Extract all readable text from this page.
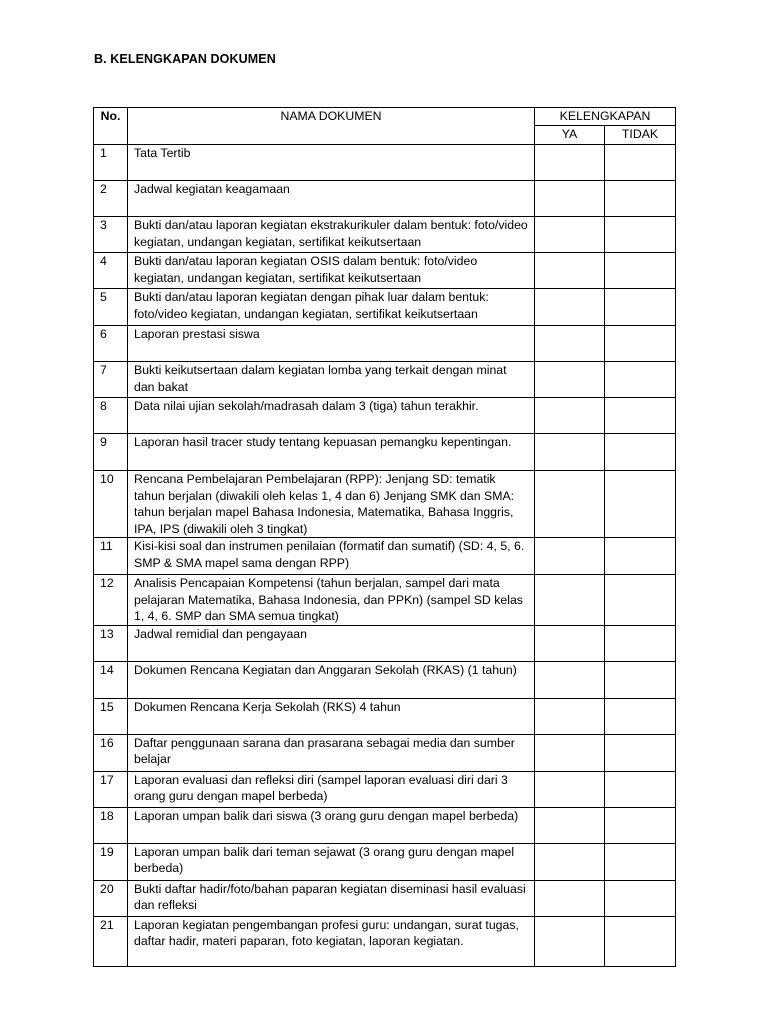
B. KELENGKAPAN DOKUMEN
No.	NAMA DOKUMEN	KELENGKAPAN	
		YA	TIDAK
1	Tata Tertib		
2	Jadwal kegiatan keagamaan		
3	Bukti dan/atau laporan kegiatan ekstrakurikuler dalam bentuk: foto/video kegiatan, undangan kegiatan, sertifikat keikutsertaan		
4	Bukti dan/atau laporan kegiatan OSIS dalam bentuk: foto/video kegiatan, undangan kegiatan, sertifikat keikutsertaan		
5	Bukti dan/atau laporan kegiatan dengan pihak luar dalam bentuk: foto/video kegiatan, undangan kegiatan, sertifikat keikutsertaan		
6	Laporan prestasi siswa		
7	Bukti keikutsertaan dalam kegiatan lomba yang terkait dengan minat dan bakat		
8	Data nilai ujian sekolah/madrasah dalam 3 (tiga) tahun terakhir.		
9	Laporan hasil tracer study tentang kepuasan pemangku kepentingan.		
10	Rencana Pembelajaran Pembelajaran (RPP): Jenjang SD: tematik tahun berjalan (diwakili oleh kelas 1, 4 dan 6) Jenjang SMK dan SMA: tahun berjalan mapel Bahasa Indonesia, Matematika, Bahasa Inggris, IPA, IPS (diwakili oleh 3 tingkat)		
11	Kisi-kisi soal dan instrumen penilaian (formatif dan sumatif) (SD: 4, 5, 6. SMP & SMA mapel sama dengan RPP)		
12	Analisis Pencapaian Kompetensi (tahun berjalan, sampel dari mata pelajaran Matematika, Bahasa Indonesia, dan PPKn) (sampel SD kelas 1, 4, 6. SMP dan SMA semua tingkat)		
13	Jadwal remidial dan pengayaan		
14	Dokumen Rencana Kegiatan dan Anggaran Sekolah (RKAS) (1 tahun)		
15	Dokumen Rencana Kerja Sekolah (RKS) 4 tahun		
16	Daftar penggunaan sarana dan prasarana sebagai media dan sumber belajar		
17	Laporan evaluasi dan refleksi diri (sampel laporan evaluasi diri dari 3 orang guru dengan mapel berbeda)		
18	Laporan umpan balik dari siswa (3 orang guru dengan mapel berbeda)		
19	Laporan umpan balik dari teman sejawat (3 orang guru dengan mapel berbeda)		
20	Bukti daftar hadir/foto/bahan paparan kegiatan diseminasi hasil evaluasi dan refleksi		
21	Laporan kegiatan pengembangan profesi guru: undangan, surat tugas, daftar hadir, materi paparan, foto kegiatan, laporan kegiatan.		
